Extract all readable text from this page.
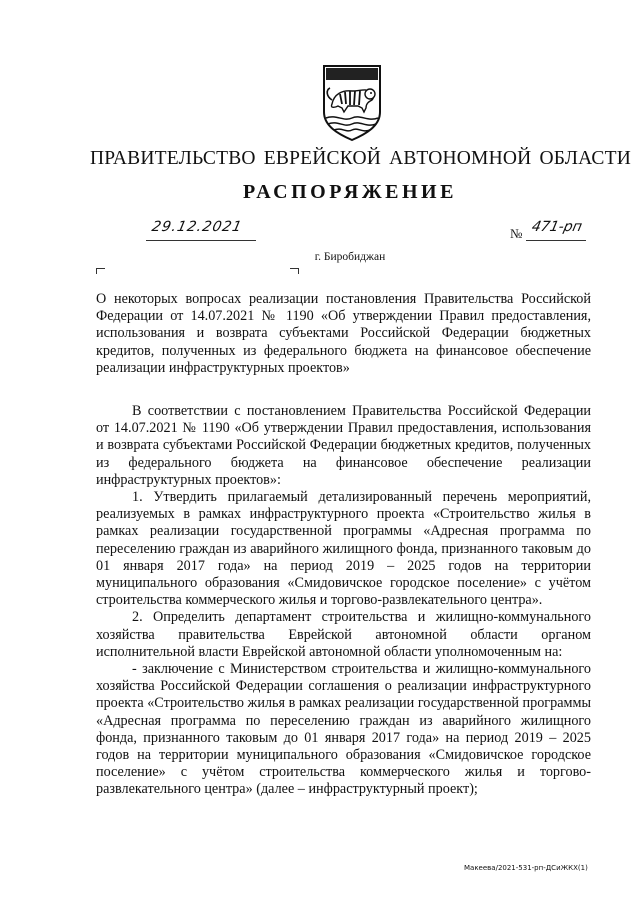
ПРАВИТЕЛЬСТВО ЕВРЕЙСКОЙ АВТОНОМНОЙ ОБЛАСТИ
РАСПОРЯЖЕНИЕ
29.12.2021	№ 471-рп
г. Биробиджан
О некоторых вопросах реализации постановления Правительства Российской Федерации от 14.07.2021 № 1190 «Об утверждении Правил предоставления, использования и возврата субъектами Российской Федерации бюджетных кредитов, полученных из федерального бюджета на финансовое обеспечение реализации инфраструктурных проектов»

В соответствии с постановлением Правительства Российской Федерации от 14.07.2021 № 1190 «Об утверждении Правил предоставления, использования и возврата субъектами Российской Федерации бюджетных кредитов, полученных из федерального бюджета на финансовое обеспечение реализации инфраструктурных проектов»:

1. Утвердить прилагаемый детализированный перечень мероприятий, реализуемых в рамках инфраструктурного проекта «Строительство жилья в рамках реализации государственной программы «Адресная программа по переселению граждан из аварийного жилищного фонда, признанного таковым до 01 января 2017 года» на период 2019 – 2025 годов на территории муниципального образования «Смидовичское городское поселение» с учётом строительства коммерческого жилья и торгово-развлекательного центра».

2. Определить департамент строительства и жилищно-коммунального хозяйства правительства Еврейской автономной области органом исполнительной власти Еврейской автономной области уполномоченным на:

- заключение с Министерством строительства и жилищно-коммунального хозяйства Российской Федерации соглашения о реализации инфраструктурного проекта «Строительство жилья в рамках реализации государственной программы «Адресная программа по переселению граждан из аварийного жилищного фонда, признанного таковым до 01 января 2017 года» на период 2019 – 2025 годов на территории муниципального образования «Смидовичское городское поселение» с учётом строительства коммерческого жилья и торгово-развлекательного центра» (далее – инфраструктурный проект);

Макеева/2021-531-рп-ДСиЖКХ(1)
